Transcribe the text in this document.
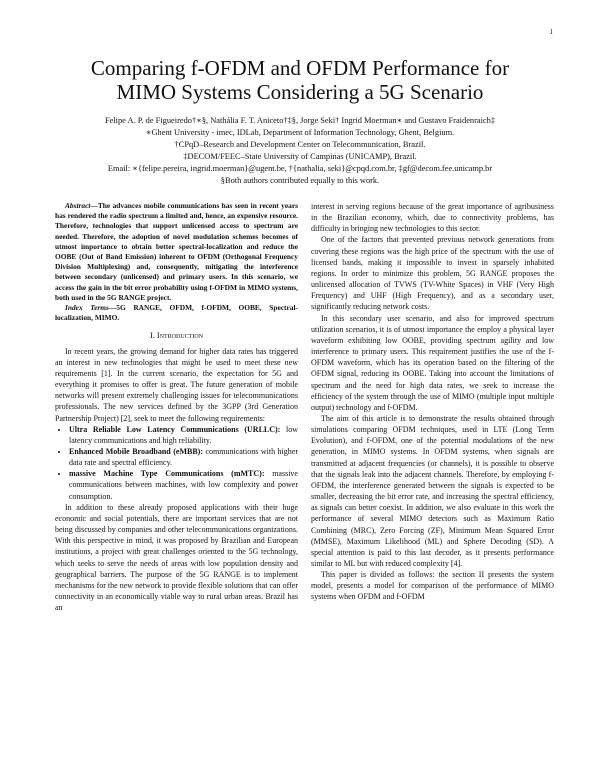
1
Comparing f-OFDM and OFDM Performance for
MIMO Systems Considering a 5G Scenario
Felipe A. P. de Figueiredo†∗§, Nathália F. T. Aniceto†‡§, Jorge Seki† Ingrid Moerman∗ and Gustavo Fraidenraich‡
∗Ghent University - imec, IDLab, Department of Information Technology, Ghent, Belgium.
†CPqD–Research and Development Center on Telecommunication, Brazil.
‡DECOM/FEEC–State University of Campinas (UNICAMP), Brazil.
Email: ∗{felipe.pereira, ingrid.moerman}@ugent.be, †{nathalia, seki}@cpqd.com.br, ‡gf@decom.fee.unicamp.br
§Both authors contributed equally to this work.

Abstract—The advances mobile communications has seen in recent years has rendered the radio spectrum a limited and, hence, an expensive resource. Therefore, technologies that support unlicensed access to spectrum are needed. Therefore, the adoption of novel modulation schemes becomes of utmost importance to obtain better spectral-localization and reduce the OOBE (Out of Band Emission) inherent to OFDM (Orthogonal Frequency Division Multiplexing) and, consequently, mitigating the interference between secondary (unlicensed) and primary users. In this scenario, we access the gain in the bit error probability using f-OFDM in MIMO systems, both used in the 5G RANGE project.

Index Terms—5G RANGE, OFDM, f-OFDM, OOBE, Spectral-localization, MIMO.

I. Introduction

In recent years, the growing demand for higher data rates has triggered an interest in new technologies that might be used to meet these new requirements [1]. In the current scenario, the expectation for 5G and everything it promises to offer is great. The future generation of mobile networks will present extremely challenging issues for telecommunications professionals. The new services defined by the 3GPP (3rd Generation Partnership Project) [2], seek to meet the following requirements:

• Ultra Reliable Low Latency Communications (URLLC): low latency communications and high reliability.
• Enhanced Mobile Broadband (eMBB): communications with higher data rate and spectral efficiency.
• massive Machine Type Communications (mMTC): massive communications between machines, with low complexity and power consumption.

In addition to these already proposed applications with their huge economic and social potentials, there are important services that are not being discussed by companies and other telecommunications organizations. With this perspective in mind, it was proposed by Brazilian and European institutions, a project with great challenges oriented to the 5G technology, which seeks to serve the needs of areas with low population density and geographical barriers. The purpose of the 5G RANGE is to implement mechanisms for the new network to provide flexible solutions that can offer connectivity in an economically viable way to rural urban areas. Brazil has an

interest in serving regions because of the great importance of agribusiness in the Brazilian economy, which, due to connectivity problems, has difficulty in bringing new technologies to this sector.

One of the factors that prevented previous network generations from covering these regions was the high price of the spectrum with the use of licensed bands, making it impossible to invest in sparsely inhabited regions. In order to minimize this problem, 5G RANGE proposes the unlicensed allocation of TVWS (TV-White Spaces) in VHF (Very High Frequency) and UHF (High Frequency), and as a secondary user, significantly reducing network costs.

In this secondary user scenario, and also for improved spectrum utilization scenarios, it is of utmost importance the employ a physical layer waveform exhibiting low OOBE, providing spectrum agility and low interference to primary users. This requirement justifies the use of the f-OFDM waveform, which has its operation based on the filtering of the OFDM signal, reducing its OOBE. Taking into account the limitations of spectrum and the need for high data rates, we seek to increase the efficiency of the system through the use of MIMO (multiple input multiple output) technology and f-OFDM.

The aim of this article is to demonstrate the results obtained through simulations comparing OFDM techniques, used in LTE (Long Term Evolution), and f-OFDM, one of the potential modulations of the new generation, in MIMO systems. In OFDM systems, when signals are transmitted at adjacent frequencies (or channels), it is possible to observe that the signals leak into the adjacent channels. Therefore, by employing f-OFDM, the interference generated between the signals is expected to be smaller, decreasing the bit error rate, and increasing the spectral efficiency, as signals can better coexist. In addition, we also evaluate in this work the performance of several MIMO detectors such as Maximum Ratio Combining (MRC), Zero Forcing (ZF), Minimum Mean Squared Error (MMSE), Maximum Likelihood (ML) and Sphere Decoding (SD). A special attention is paid to this last decoder, as it presents performance similar to ML but with reduced complexity [4].

This paper is divided as follows: the section II presents the system model, presents a model for comparison of the performance of MIMO systems when OFDM and f-OFDM
